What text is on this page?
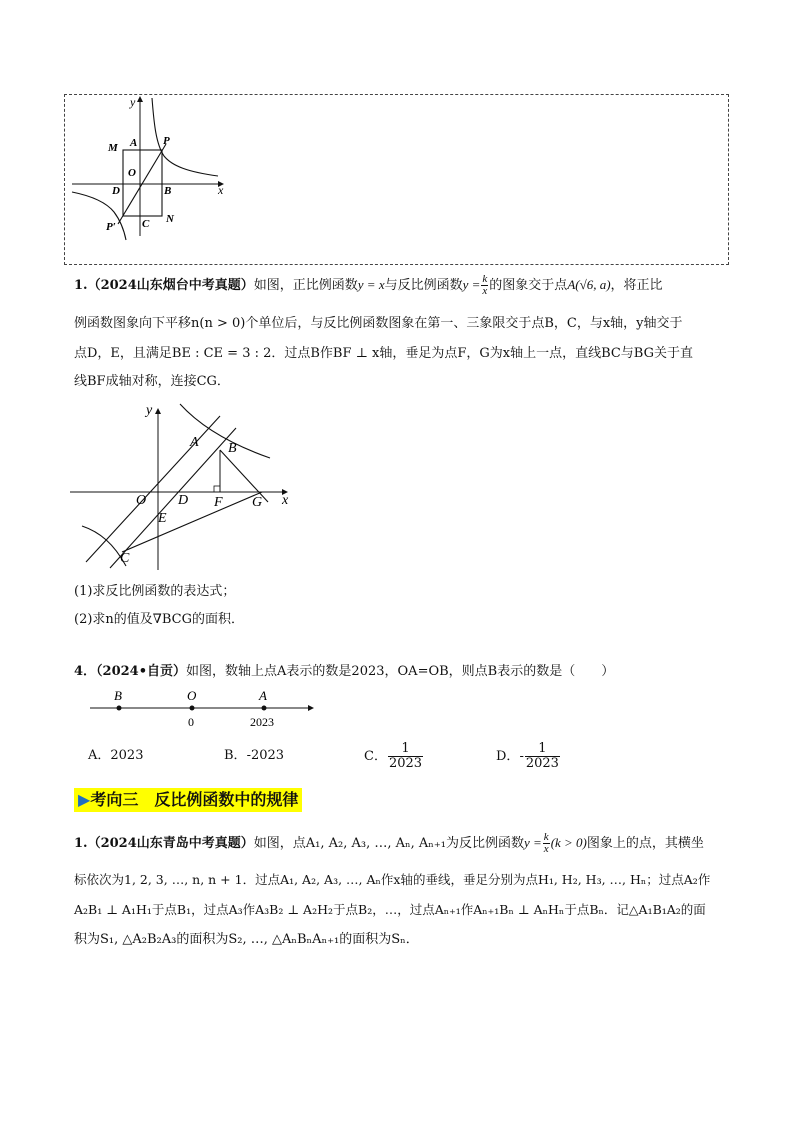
y
x
M A P
O
D	B
P′ C N
1.（2024山东烟台中考真题）如图，正比例函数y = x与反比例函数$y = \frac{k}{x}$ 的图象交于点A(√6, a)，将正比
例函数图象向下平移n(n > 0)个单位后，与反比例函数图象在第一、三象限交于点B，C，与x轴，y轴交于
点D，E，且满足BE : CE = 3 : 2．过点B作BF ⊥ x轴，垂足为点F，G为x轴上一点，直线BC与BG关于直
线BF成轴对称，连接CG．
y
x
O
A B
D F G
E
C
(1)求反比例函数的表达式；
(2)求n的值及∇BCG的面积．
4．（2024•自贡）如图，数轴上点A表示的数是2023，OA=OB，则点B表示的数是（　　）
B	O	A
0	2023
A．2023	B．-2023	C． $\frac{1}{2023}$	D．- $\frac{1}{2023}$
▶考向三　反比例函数中的规律
1.（2024山东青岛中考真题）如图，点A₁, A₂, A₃, …, Aₙ, Aₙ₊₁为反比例函数$y = \frac{k}{x} (k > 0)$图象上的点，其横坐
标依次为1, 2, 3, …, n, n + 1．过点A₁, A₂, A₃, …, Aₙ作x轴的垂线，垂足分别为点H₁, H₂, H₃, …, Hₙ；过点A₂作
A₂B₁ ⊥ A₁H₁于点B₁，过点A₃作A₃B₂ ⊥ A₂H₂于点B₂，…，过点Aₙ₊₁作Aₙ₊₁Bₙ ⊥ AₙHₙ于点Bₙ．记△A₁B₁A₂的面
积为S₁, △A₂B₂A₃的面积为S₂, …, △AₙBₙAₙ₊₁的面积为Sₙ．
